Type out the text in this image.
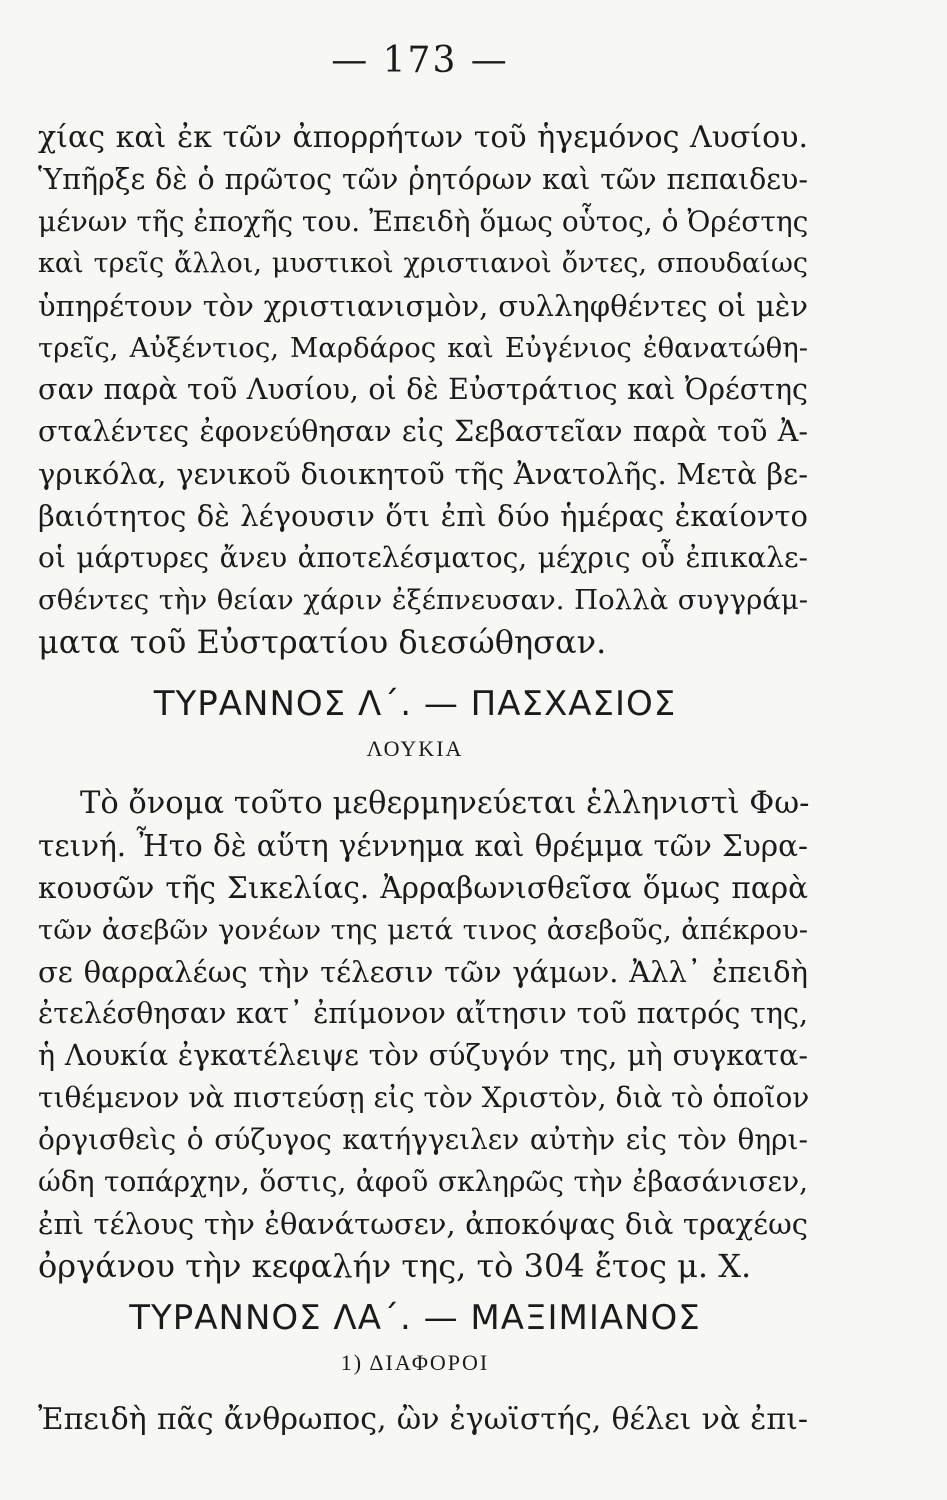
— 173 —
χίας καὶ ἐκ τῶν ἀπορρήτων τοῦ ἡγεμόνος Λυσίου.
Ὑπῆρξε δὲ ὁ πρῶτος τῶν ῥητόρων καὶ τῶν πεπαιδευ-
μένων τῆς ἐποχῆς του. Ἐπειδὴ ὅμως οὗτος, ὁ Ὀρέστης
καὶ τρεῖς ἄλλοι, μυστικοὶ χριστιανοὶ ὄντες, σπουδαίως
ὑπηρέτουν τὸν χριστιανισμὸν, συλληφθέντες οἱ μὲν
τρεῖς, Αὐξέντιος, Μαρδάρος καὶ Εὐγένιος ἐθανατώθη-
σαν παρὰ τοῦ Λυσίου, οἱ δὲ Εὐστράτιος καὶ Ὀρέστης
σταλέντες ἐφονεύθησαν εἰς Σεβαστεῖαν παρὰ τοῦ Ἀ-
γρικόλα, γενικοῦ διοικητοῦ τῆς Ἀνατολῆς. Μετὰ βε-
βαιότητος δὲ λέγουσιν ὅτι ἐπὶ δύο ἡμέρας ἐκαίοντο
οἱ μάρτυρες ἄνευ ἀποτελέσματος, μέχρις οὗ ἐπικαλε-
σθέντες τὴν θείαν χάριν ἐξέπνευσαν. Πολλὰ συγγράμ-
ματα τοῦ Εὐστρατίου διεσώθησαν.
ΤΥΡΑΝΝΟΣ Λ΄. — ΠΑΣΧΑΣΙΟΣ
ΛΟΥΚΙΑ
Τὸ ὄνομα τοῦτο μεθερμηνεύεται ἑλληνιστὶ Φω-
τεινή. Ἦτο δὲ αὕτη γέννημα καὶ θρέμμα τῶν Συρα-
κουσῶν τῆς Σικελίας. Ἀρραβωνισθεῖσα ὅμως παρὰ
τῶν ἀσεβῶν γονέων της μετά τινος ἀσεβοῦς, ἀπέκρου-
σε θαρραλέως τὴν τέλεσιν τῶν γάμων. Ἀλλ᾽ ἐπειδὴ
ἐτελέσθησαν κατ᾽ ἐπίμονον αἴτησιν τοῦ πατρός της,
ἡ Λουκία ἐγκατέλειψε τὸν σύζυγόν της, μὴ συγκατα-
τιθέμενον νὰ πιστεύσῃ εἰς τὸν Χριστὸν, διὰ τὸ ὁποῖον
ὀργισθεὶς ὁ σύζυγος κατήγγειλεν αὐτὴν εἰς τὸν θηρι-
ώδη τοπάρχην, ὅστις, ἀφοῦ σκληρῶς τὴν ἐβασάνισεν,
ἐπὶ τέλους τὴν ἐθανάτωσεν, ἀποκόψας διὰ τραχέως
ὀργάνου τὴν κεφαλήν της, τὸ 304 ἔτος μ. Χ.
ΤΥΡΑΝΝΟΣ ΛΑ΄. — ΜΑΞΙΜΙΑΝΟΣ
1) ΔΙΑΦΟΡΟΙ
Ἐπειδὴ πᾶς ἄνθρωπος, ὢν ἐγωϊστής, θέλει νὰ ἐπι-
